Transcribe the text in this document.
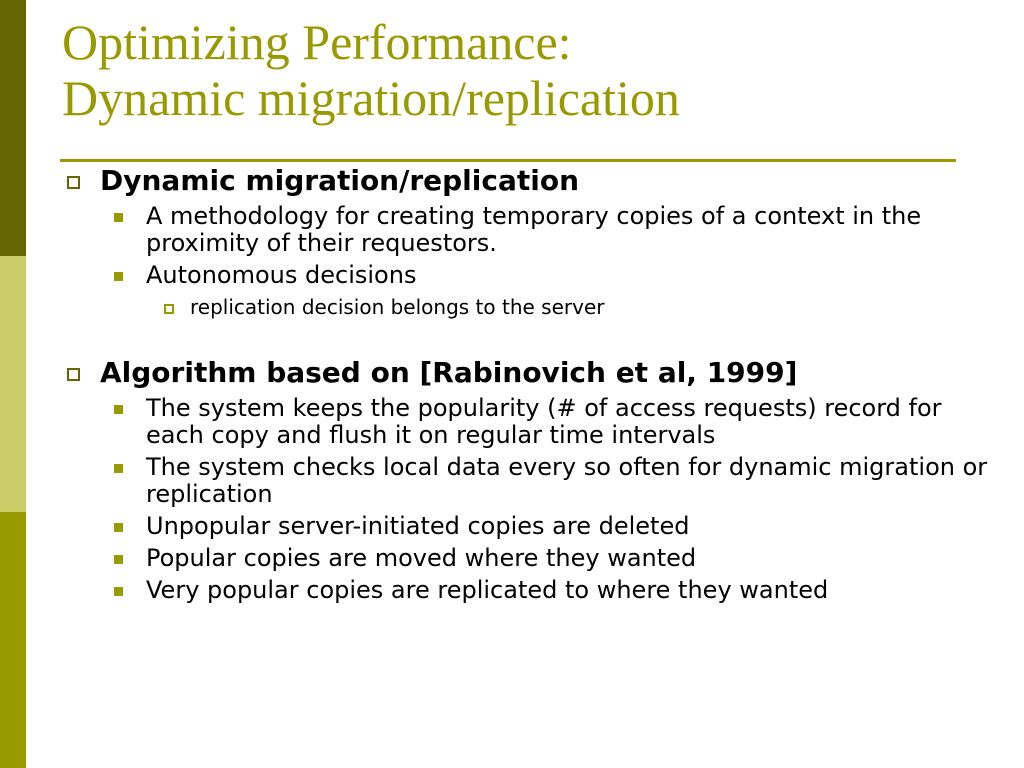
Optimizing Performance:
Dynamic migration/replication
Dynamic migration/replication
A methodology for creating temporary copies of a context in the proximity of their requestors.
Autonomous decisions
replication decision belongs to the server
Algorithm based on [Rabinovich et al, 1999]
The system keeps the popularity (# of access requests) record for each copy and flush it on regular time intervals
The system checks local data every so often for dynamic migration or replication
Unpopular server-initiated copies are deleted
Popular copies are moved where they wanted
Very popular copies are replicated to where they wanted
